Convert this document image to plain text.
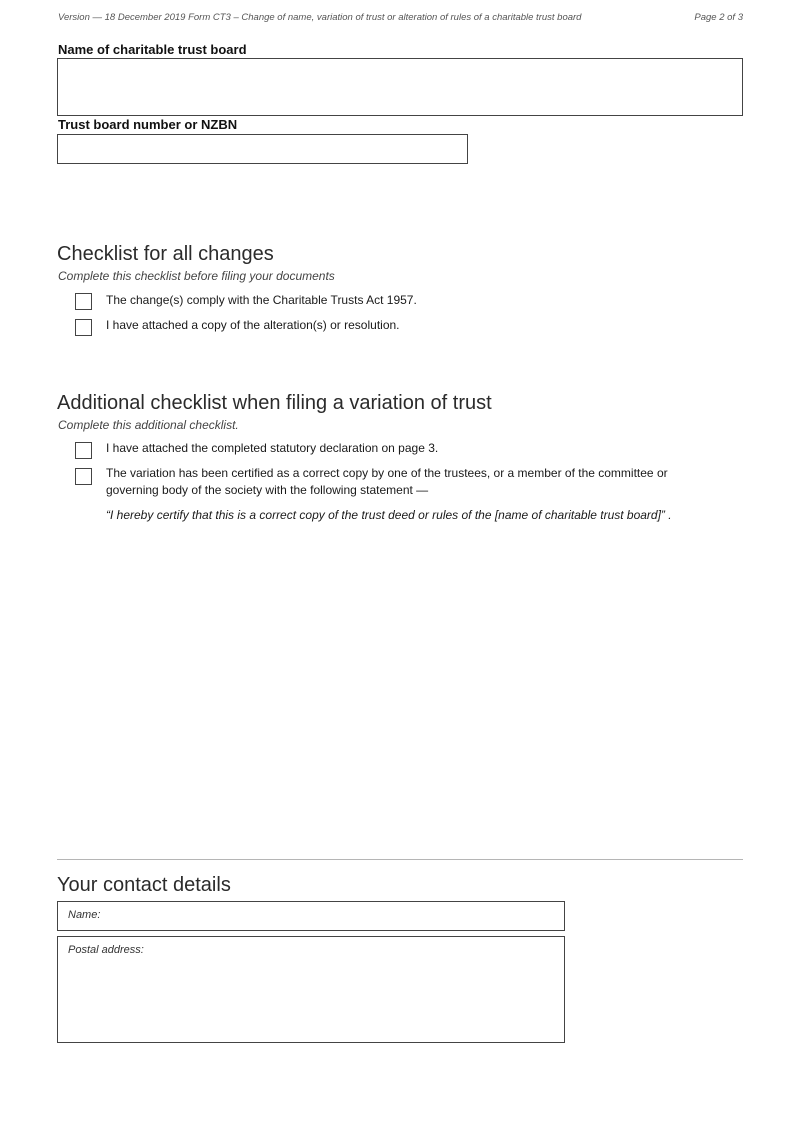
Version — 18 December 2019 Form CT3 – Change of name, variation of trust or alteration of rules of a charitable trust board	Page 2 of 3
Name of charitable trust board
Trust board number or NZBN
Checklist for all changes
Complete this checklist before filing your documents
The change(s) comply with the Charitable Trusts Act 1957.
I have attached a copy of the alteration(s) or resolution.
Additional checklist when filing a variation of trust
Complete this additional checklist.
I have attached the completed statutory declaration on page 3.
The variation has been certified as a correct copy by one of the trustees, or a member of the committee or governing body of the society with the following statement —
“I hereby certify that this is a correct copy of the trust deed or rules of the [name of charitable trust board]” .
Your contact details
Name:
Postal address:
